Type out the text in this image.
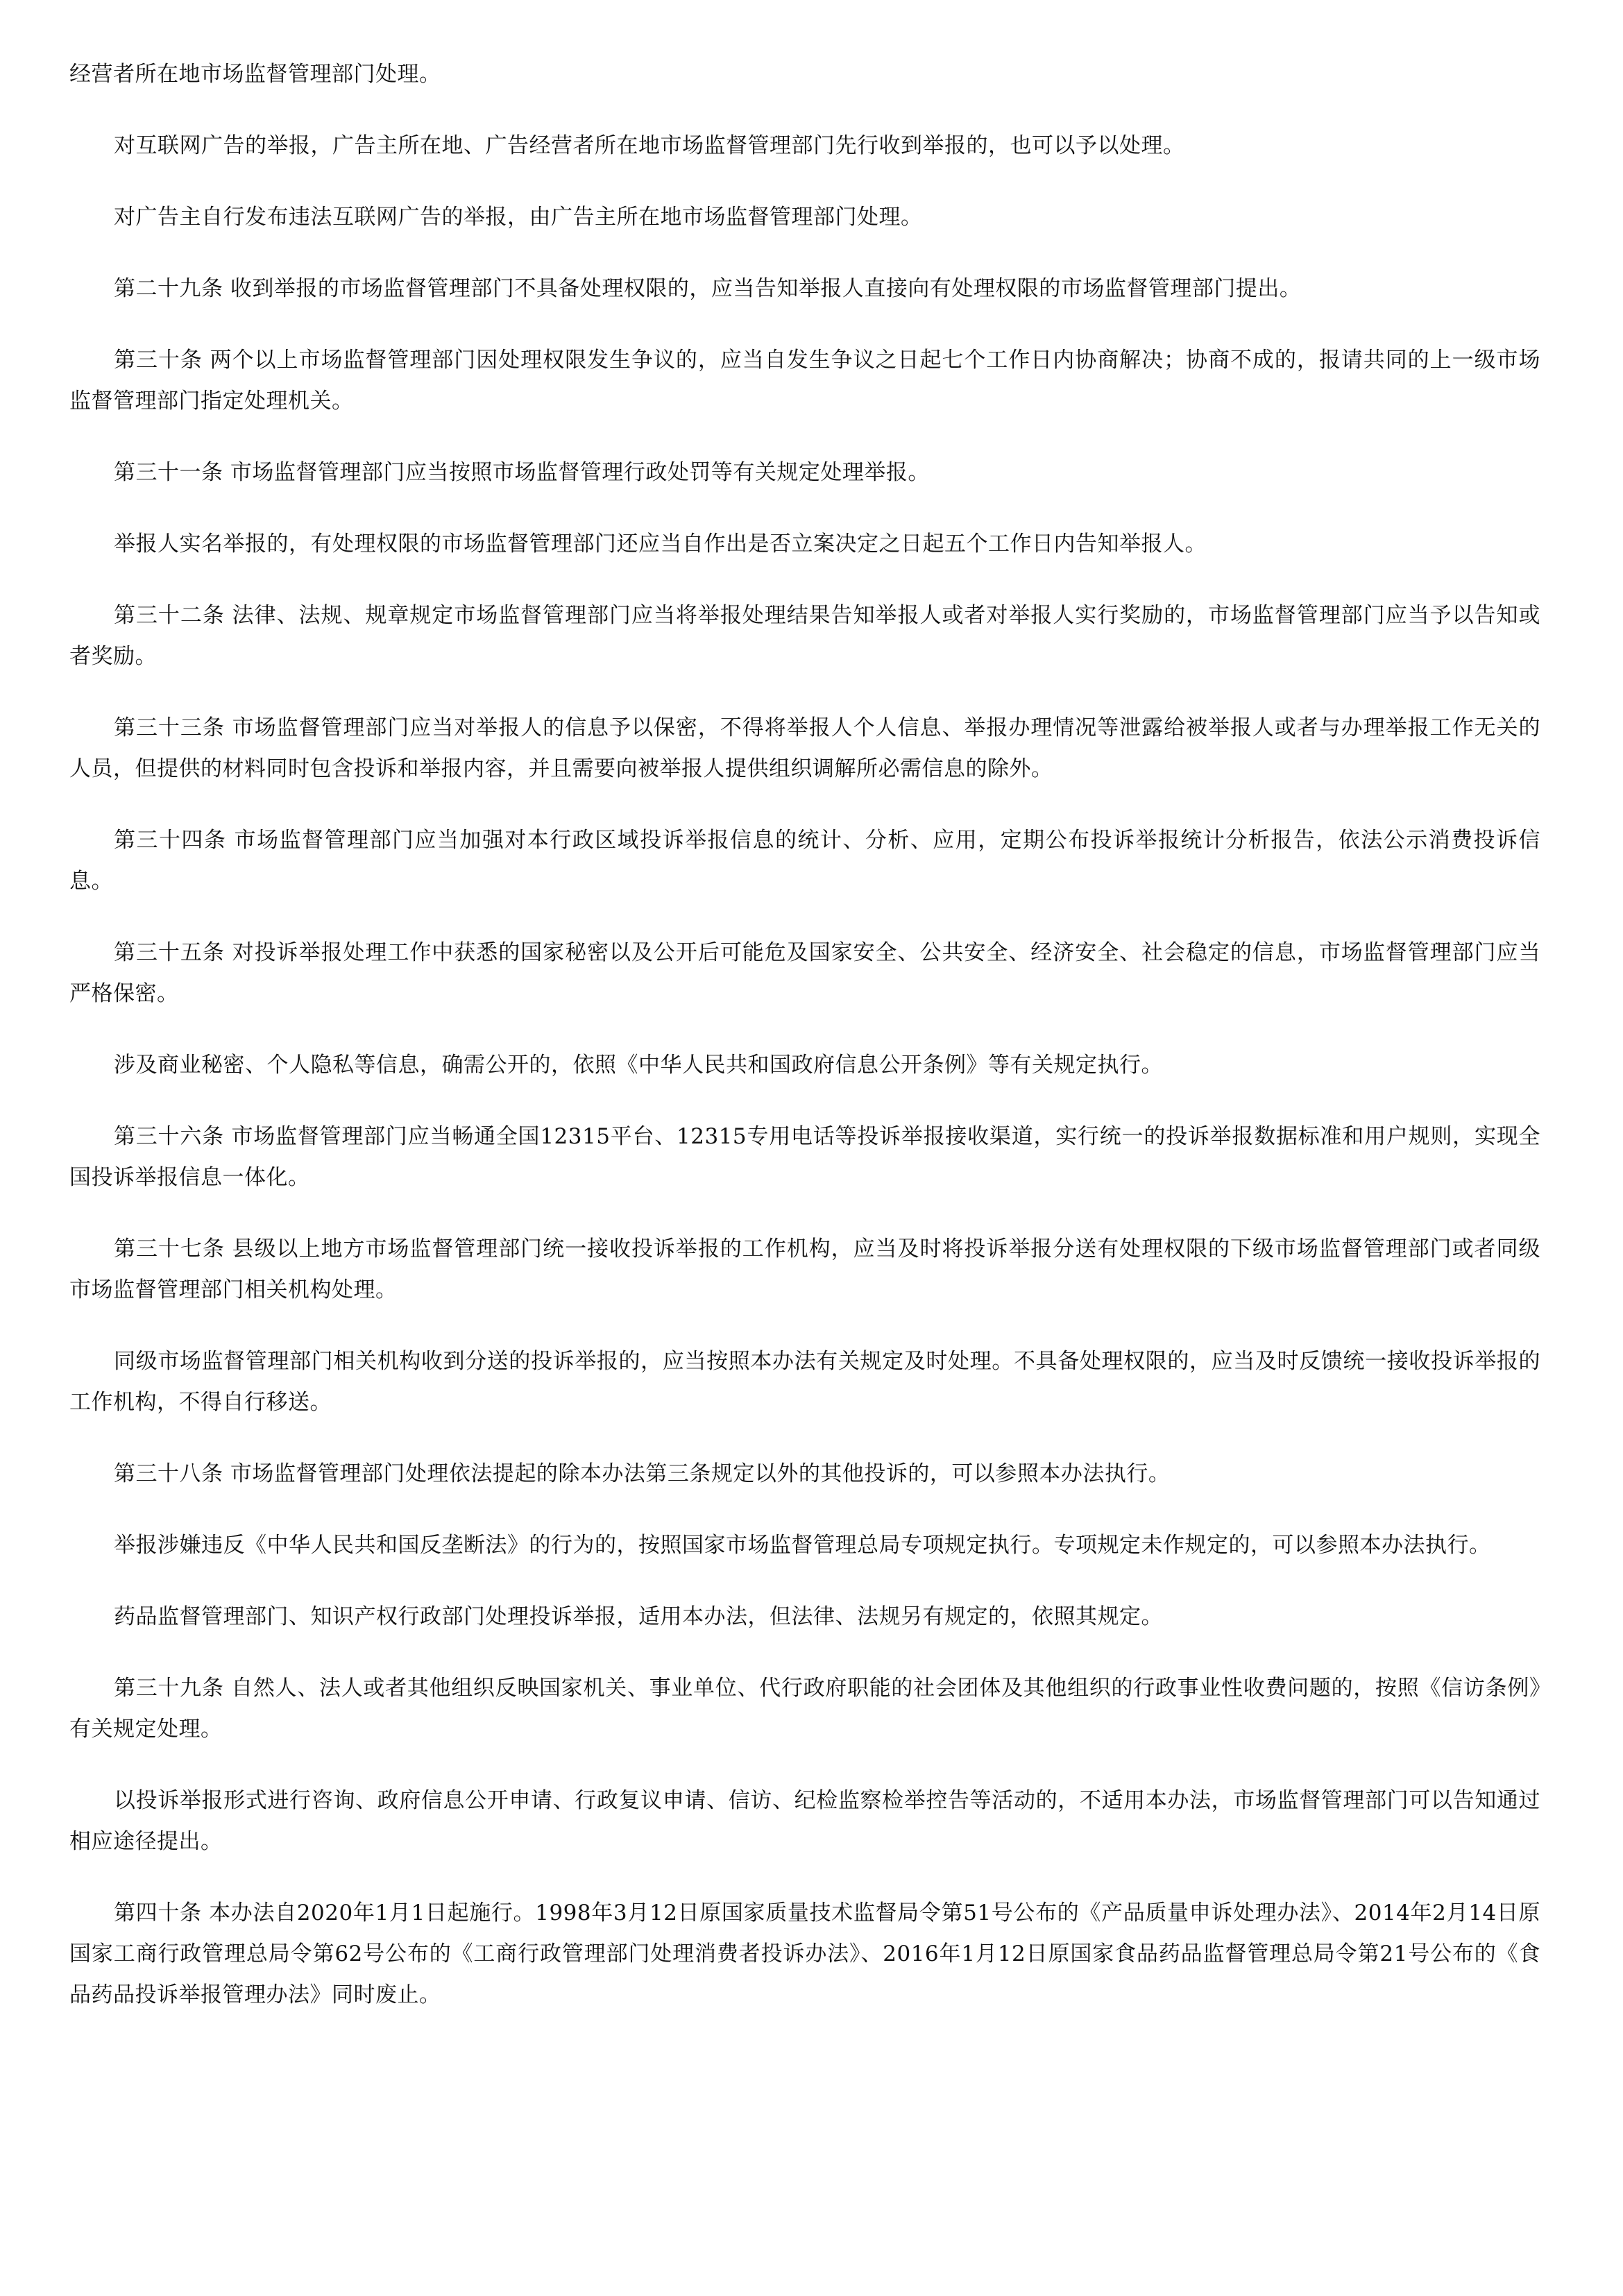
经营者所在地市场监督管理部门处理。

对互联网广告的举报，广告主所在地、广告经营者所在地市场监督管理部门先行收到举报的，也可以予以处理。

对广告主自行发布违法互联网广告的举报，由广告主所在地市场监督管理部门处理。

第二十九条 收到举报的市场监督管理部门不具备处理权限的，应当告知举报人直接向有处理权限的市场监督管理部门提出。

第三十条 两个以上市场监督管理部门因处理权限发生争议的，应当自发生争议之日起七个工作日内协商解决；协商不成的，报请共同的上一级市场监督管理部门指定处理机关。

第三十一条 市场监督管理部门应当按照市场监督管理行政处罚等有关规定处理举报。

举报人实名举报的，有处理权限的市场监督管理部门还应当自作出是否立案决定之日起五个工作日内告知举报人。

第三十二条 法律、法规、规章规定市场监督管理部门应当将举报处理结果告知举报人或者对举报人实行奖励的，市场监督管理部门应当予以告知或者奖励。

第三十三条 市场监督管理部门应当对举报人的信息予以保密，不得将举报人个人信息、举报办理情况等泄露给被举报人或者与办理举报工作无关的人员，但提供的材料同时包含投诉和举报内容，并且需要向被举报人提供组织调解所必需信息的除外。

第三十四条 市场监督管理部门应当加强对本行政区域投诉举报信息的统计、分析、应用，定期公布投诉举报统计分析报告，依法公示消费投诉信息。

第三十五条 对投诉举报处理工作中获悉的国家秘密以及公开后可能危及国家安全、公共安全、经济安全、社会稳定的信息，市场监督管理部门应当严格保密。

涉及商业秘密、个人隐私等信息，确需公开的，依照《中华人民共和国政府信息公开条例》等有关规定执行。

第三十六条 市场监督管理部门应当畅通全国12315平台、12315专用电话等投诉举报接收渠道，实行统一的投诉举报数据标准和用户规则，实现全国投诉举报信息一体化。

第三十七条 县级以上地方市场监督管理部门统一接收投诉举报的工作机构，应当及时将投诉举报分送有处理权限的下级市场监督管理部门或者同级市场监督管理部门相关机构处理。

同级市场监督管理部门相关机构收到分送的投诉举报的，应当按照本办法有关规定及时处理。不具备处理权限的，应当及时反馈统一接收投诉举报的工作机构，不得自行移送。

第三十八条 市场监督管理部门处理依法提起的除本办法第三条规定以外的其他投诉的，可以参照本办法执行。

举报涉嫌违反《中华人民共和国反垄断法》的行为的，按照国家市场监督管理总局专项规定执行。专项规定未作规定的，可以参照本办法执行。

药品监督管理部门、知识产权行政部门处理投诉举报，适用本办法，但法律、法规另有规定的，依照其规定。

第三十九条 自然人、法人或者其他组织反映国家机关、事业单位、代行政府职能的社会团体及其他组织的行政事业性收费问题的，按照《信访条例》有关规定处理。

以投诉举报形式进行咨询、政府信息公开申请、行政复议申请、信访、纪检监察检举控告等活动的，不适用本办法，市场监督管理部门可以告知通过相应途径提出。

第四十条 本办法自2020年1月1日起施行。1998年3月12日原国家质量技术监督局令第51号公布的《产品质量申诉处理办法》、2014年2月14日原国家工商行政管理总局令第62号公布的《工商行政管理部门处理消费者投诉办法》、2016年1月12日原国家食品药品监督管理总局令第21号公布的《食品药品投诉举报管理办法》同时废止。
